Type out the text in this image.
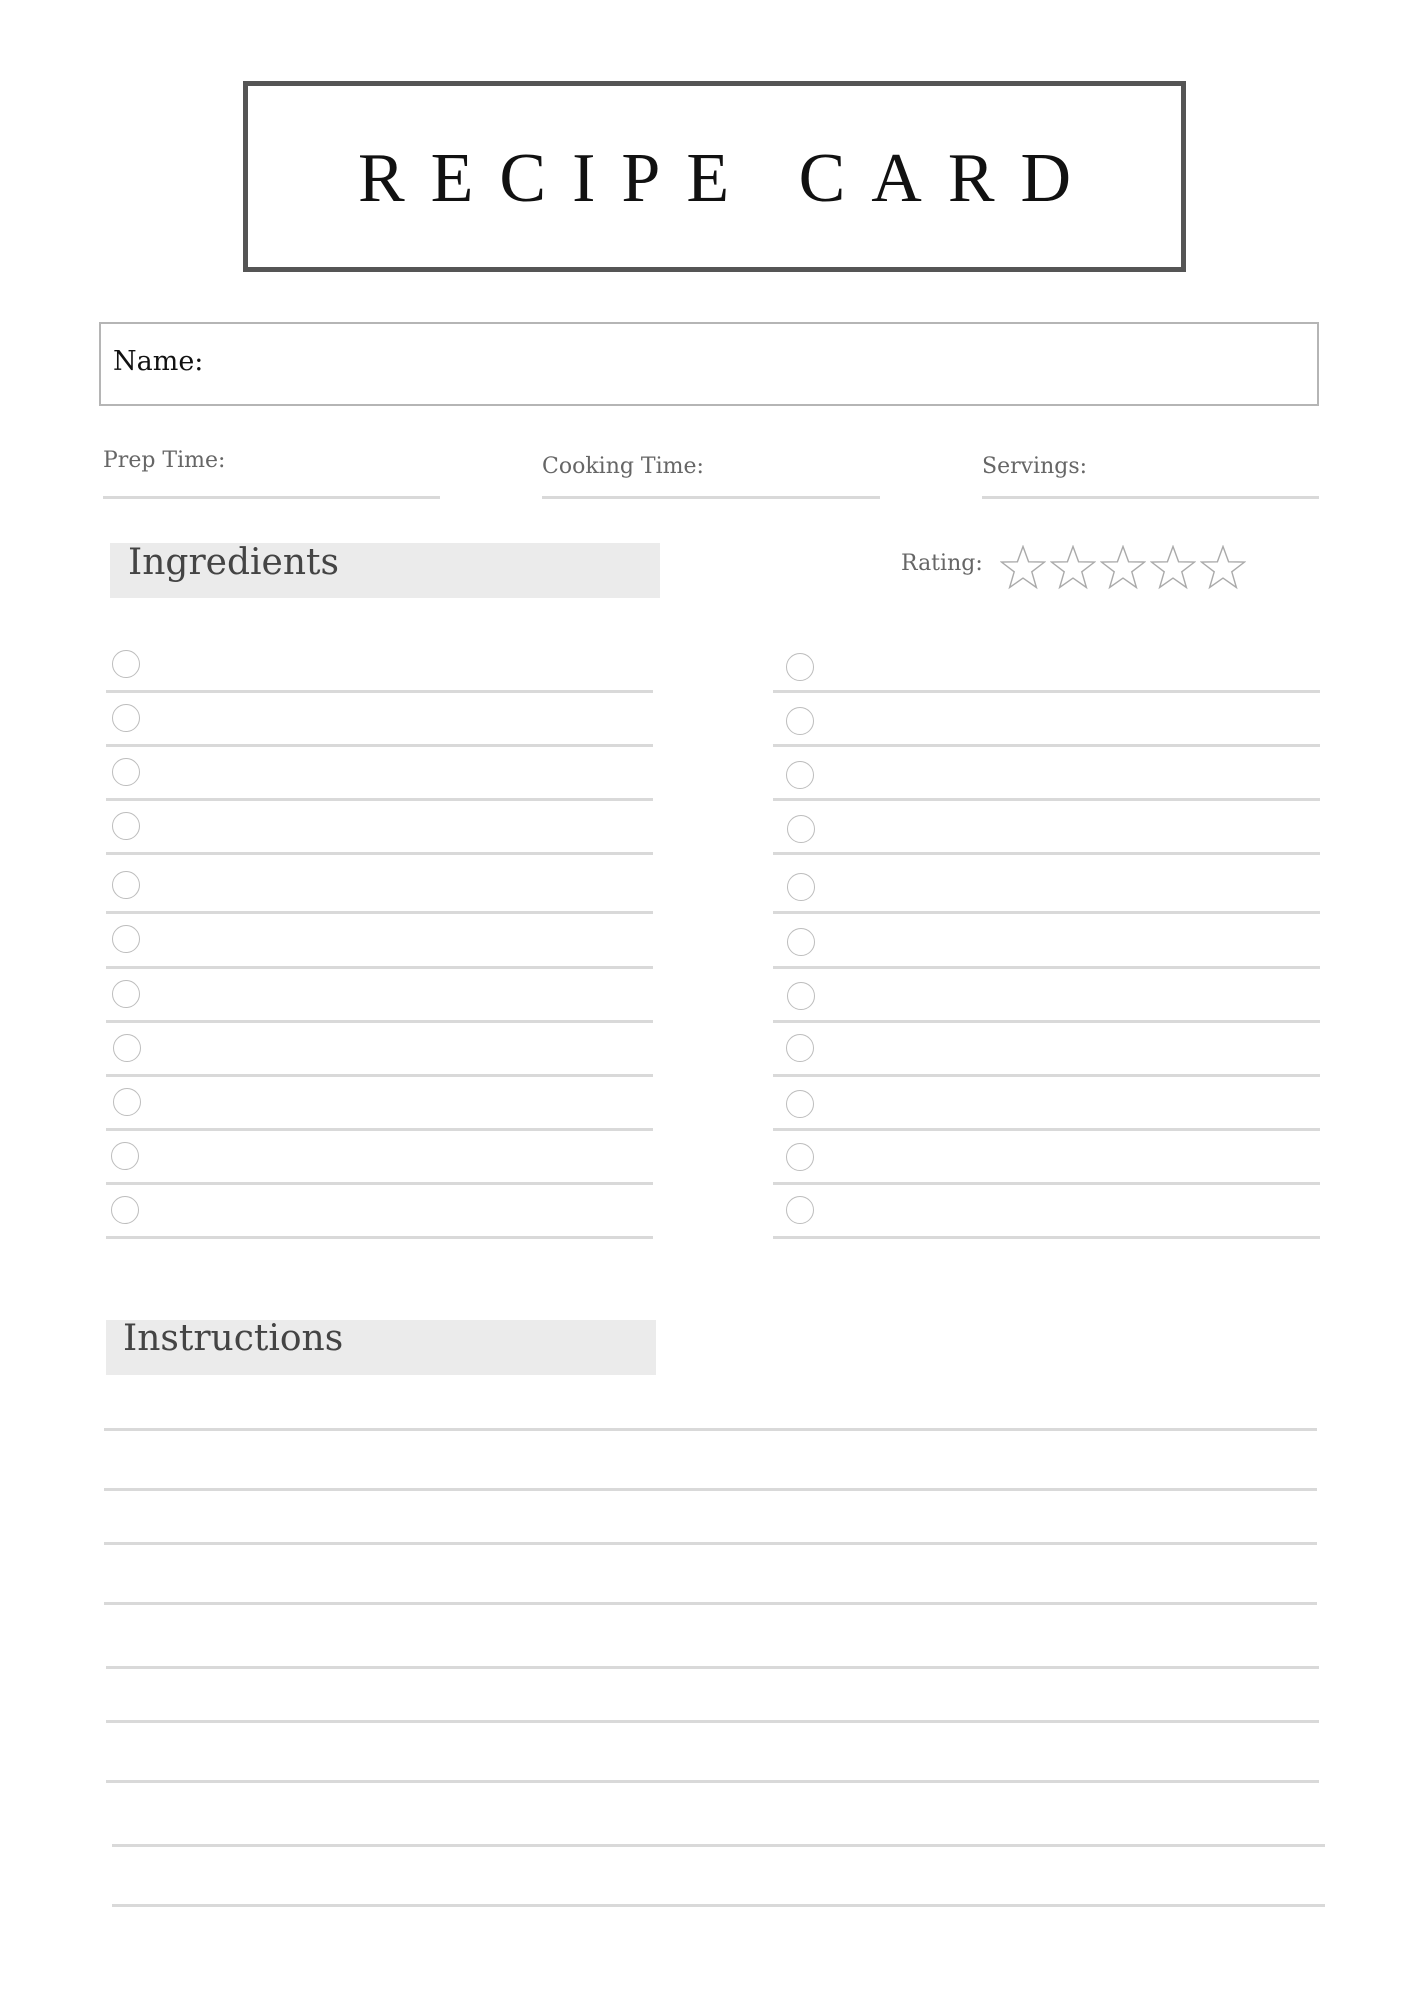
RECIPE CARD
Name:
Prep Time:	Cooking Time:	Servings:
Ingredients	Rating:
Instructions
